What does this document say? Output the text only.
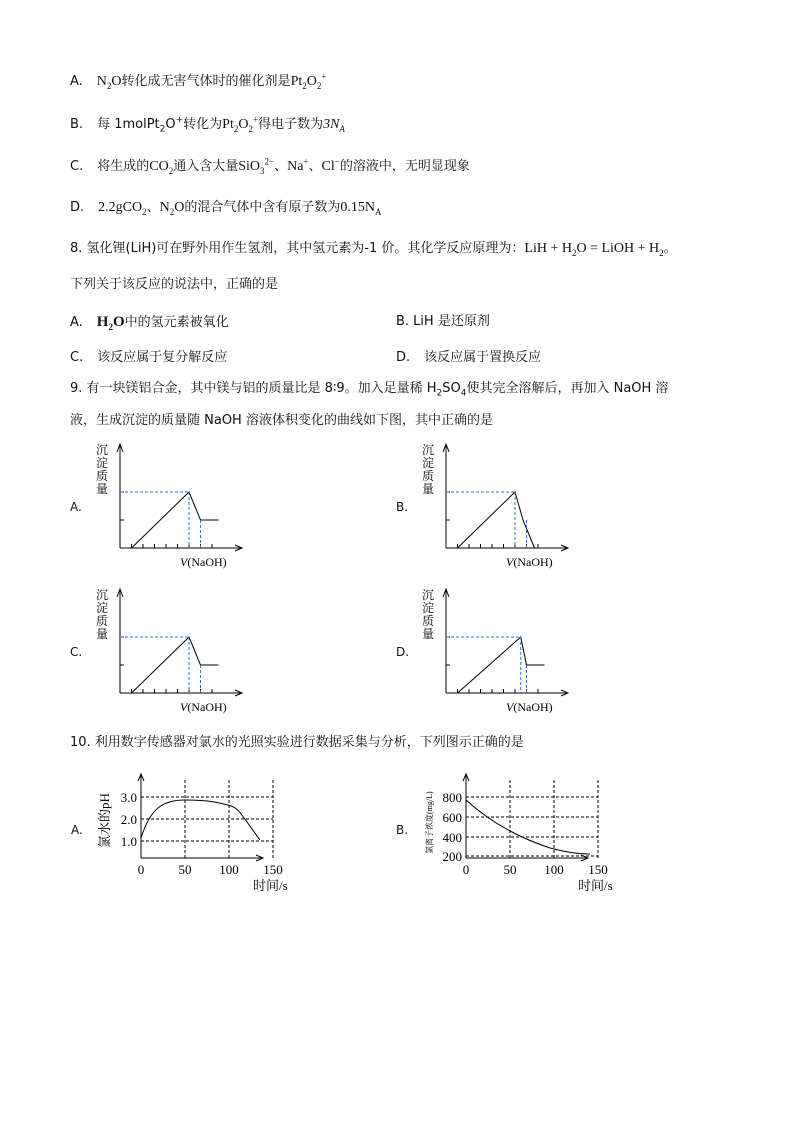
A. $N_2O$转化成无害气体时的催化剂是$Pt_2O_2^+$
B. 每 1molPt$_2$O+转化为$Pt_2O_2^+$得电子数为$3N_A$
C. 将生成的$CO_2$通入含大量SiO$_3^{2-}$、Na+、Cl−的溶液中，无明显现象
D. 2.2gCO$_2$、$N_2O$的混合气体中含有原子数为$0.15N_A$
8. 氢化锂(LiH)可在野外用作生氢剂，其中氢元素为-1 价。其化学反应原理为：LiH + $H_2O$ = LiOH + $H_2$。
下列关于该反应的说法中，正确的是
A. $H_2O$中的氢元素被氧化	B. LiH 是还原剂
C. 该反应属于复分解反应	D. 该反应属于置换反应
9. 有一块镁铝合金，其中镁与铝的质量比是 8∶9。加入足量稀 $H_2SO_4$使其完全溶解后，再加入 NaOH 溶
液，生成沉淀的质量随 NaOH 溶液体积变化的曲线如下图，其中正确的是
A.
沉
淀
质
量
V(NaOH)
B.
沉
淀
质
量
V(NaOH)
C.
沉
淀
质
量
V(NaOH)
D.
沉
淀
质
量
V(NaOH)
10. 利用数字传感器对氯水的光照实验进行数据采集与分析，下列图示正确的是
A.
3.0
2.0
1.0
0	50 100 150
时间/s
氯水的pH	B.
800
600
400
200
0	50 100 150
时间/s
氯离子浓度(mg/L)
